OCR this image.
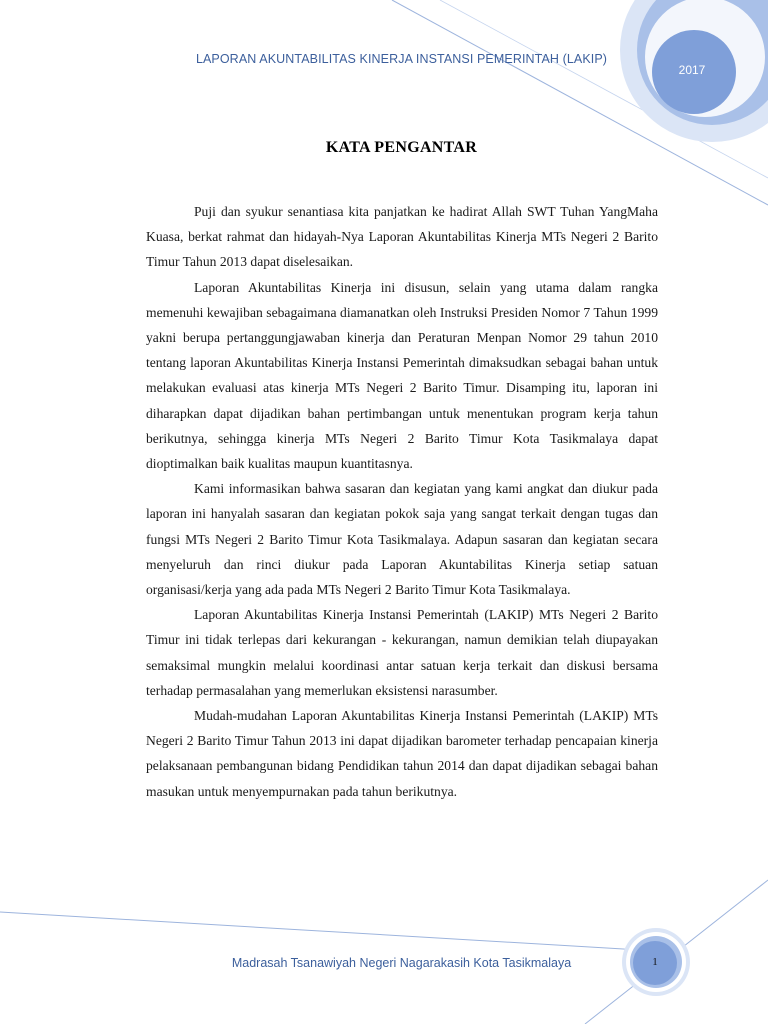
LAPORAN AKUNTABILITAS KINERJA INSTANSI PEMERINTAH (LAKIP)
2017
KATA PENGANTAR

Puji dan syukur senantiasa kita panjatkan ke hadirat Allah SWT Tuhan YangMaha Kuasa, berkat rahmat dan hidayah-Nya Laporan Akuntabilitas Kinerja MTs Negeri 2 Barito Timur Tahun 2013 dapat diselesaikan.

Laporan Akuntabilitas Kinerja ini disusun, selain yang utama dalam rangka memenuhi kewajiban sebagaimana diamanatkan oleh Instruksi Presiden Nomor 7 Tahun 1999 yakni berupa pertanggungjawaban kinerja dan Peraturan Menpan Nomor 29 tahun 2010 tentang laporan Akuntabilitas Kinerja Instansi Pemerintah dimaksudkan sebagai bahan untuk melakukan evaluasi atas kinerja MTs Negeri 2 Barito Timur. Disamping itu, laporan ini diharapkan dapat dijadikan bahan pertimbangan untuk menentukan program kerja tahun berikutnya, sehingga kinerja MTs Negeri 2 Barito Timur Kota Tasikmalaya dapat dioptimalkan baik kualitas maupun kuantitasnya.

Kami informasikan bahwa sasaran dan kegiatan yang kami angkat dan diukur pada laporan ini hanyalah sasaran dan kegiatan pokok saja yang sangat terkait dengan tugas dan fungsi MTs Negeri 2 Barito Timur Kota Tasikmalaya. Adapun sasaran dan kegiatan secara menyeluruh dan rinci diukur pada Laporan Akuntabilitas Kinerja setiap satuan organisasi/kerja yang ada pada MTs Negeri 2 Barito Timur Kota Tasikmalaya.

Laporan Akuntabilitas Kinerja Instansi Pemerintah (LAKIP) MTs Negeri 2 Barito Timur ini tidak terlepas dari kekurangan - kekurangan, namun demikian telah diupayakan semaksimal mungkin melalui koordinasi antar satuan kerja terkait dan diskusi bersama terhadap permasalahan yang memerlukan eksistensi narasumber.

Mudah-mudahan Laporan Akuntabilitas Kinerja Instansi Pemerintah (LAKIP) MTs Negeri 2 Barito Timur Tahun 2013 ini dapat dijadikan barometer terhadap pencapaian kinerja pelaksanaan pembangunan bidang Pendidikan tahun 2014 dan dapat dijadikan sebagai bahan masukan untuk menyempurnakan pada tahun berikutnya.

Madrasah Tsanawiyah Negeri Nagarakasih Kota Tasikmalaya	1
